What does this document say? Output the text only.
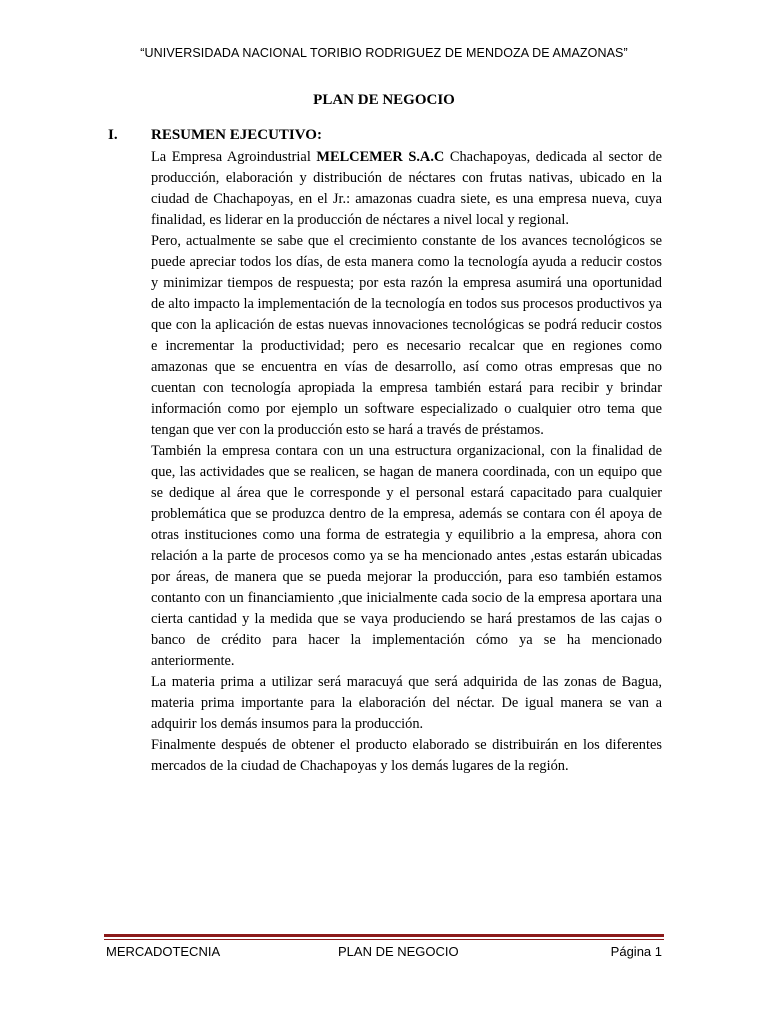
“UNIVERSIDADA NACIONAL TORIBIO RODRIGUEZ DE MENDOZA DE AMAZONAS”
PLAN DE NEGOCIO
I. RESUMEN EJECUTIVO:

La Empresa Agroindustrial MELCEMER S.A.C Chachapoyas, dedicada al sector de producción, elaboración y distribución de néctares con frutas nativas, ubicado en la ciudad de Chachapoyas, en el Jr.: amazonas cuadra siete, es una empresa nueva, cuya finalidad, es liderar en la producción de néctares a nivel local y regional.

Pero, actualmente se sabe que el crecimiento constante de los avances tecnológicos se puede apreciar todos los días, de esta manera como la tecnología ayuda a reducir costos y minimizar tiempos de respuesta; por esta razón la empresa asumirá una oportunidad de alto impacto la implementación de la tecnología en todos sus procesos productivos ya que con la aplicación de estas nuevas innovaciones tecnológicas se podrá reducir costos e incrementar la productividad; pero es necesario recalcar que en regiones como amazonas que se encuentra en vías de desarrollo, así como otras empresas que no cuentan con tecnología apropiada la empresa también estará para recibir y brindar información como por ejemplo un software especializado o cualquier otro tema que tengan que ver con la producción esto se hará a través de préstamos.

También la empresa contara con un una estructura organizacional, con la finalidad de que, las actividades que se realicen, se hagan de manera coordinada, con un equipo que se dedique al área que le corresponde y el personal estará capacitado para cualquier problemática que se produzca dentro de la empresa, además se contara con él apoya de otras instituciones como una forma de estrategia y equilibrio a la empresa, ahora con relación a la parte de procesos como ya se ha mencionado antes ,estas estarán ubicadas por áreas, de manera que se pueda mejorar la producción, para eso también estamos contanto con un financiamiento ,que inicialmente cada socio de la empresa aportara una cierta cantidad y la medida que se vaya produciendo se hará prestamos de las cajas o banco de crédito para hacer la implementación cómo ya se ha mencionado anteriormente.

La materia prima a utilizar será maracuyá que será adquirida de las zonas de Bagua, materia prima importante para la elaboración del néctar. De igual manera se van a adquirir los demás insumos para la producción.

Finalmente después de obtener el producto elaborado se distribuirán en los diferentes mercados de la ciudad de Chachapoyas y los demás lugares de la región.

MERCADOTECNIA	PLAN DE NEGOCIO	Página 1
